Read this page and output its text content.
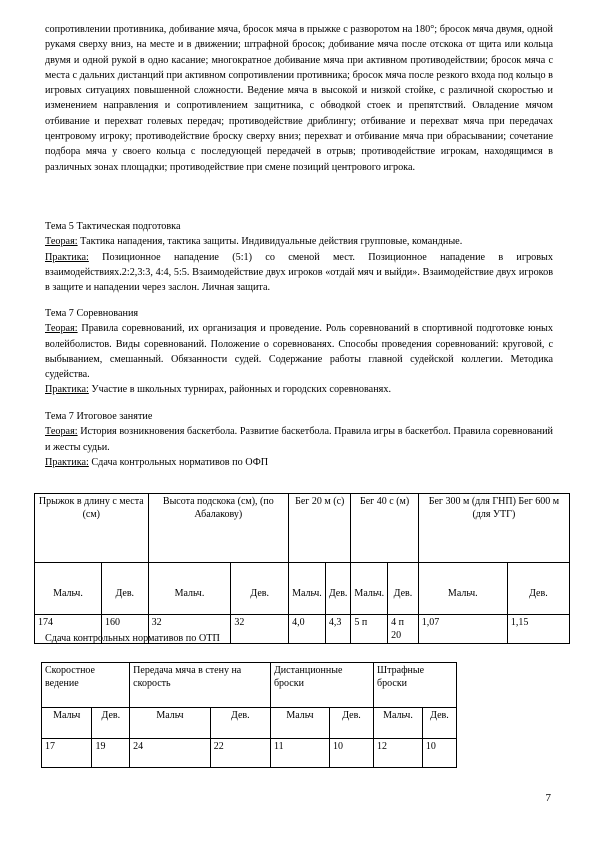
сопротивлении противника, добивание мяча, бросок мяча в прыжке с разворотом на 180°; бросок мяча двумя, одной рукамя сверху вниз, на месте и в движении; штрафной бросок; добивание мяча после отскока от щита или кольца двумя и одной рукой в одно касание; многократное добивание мяча при активном противодействии; бросок мяча с места с дальних дистанций при активном сопротивлении противника; бросок мяча после резкого входа под кольцо в игровых ситуациях повышенной сложности. Ведение мяча в высокой и низкой стойке, с различной скоростью и изменением направления и сопротивлением защитника, с обводкой стоек и препятствий. Овладение мячом отбивание и перехват голевых передач; противодействие дриблингу; отбивание и перехват мяча при передачах центровому игроку; противодействие броску сверху вниз; перехват и отбивание мяча при обрасывании; сочетание подбора мяча у своего кольца с последующей передачей в отрыв; противодействие игрокам, находящимся в различных зонах площадки; противодействие при смене позиций центрового игрока.

Тема 5 Тактическая подготовка

Теорая: Тактика нападения, тактика защиты. Индивидуальные действия групповые, командные.

Практика: Позиционное нападение (5:1) со сменой мест. Позиционное нападение в игровых взаимодействиях.2:2,3:3, 4:4, 5:5. Взаимодействие двух игроков «отдай мяч и выйди». Взаимодействие двух игроков в защите и нападении через заслон. Личная защита.

Тема 7 Соревнования

Теорая: Правила соревнований, их организация и проведение. Роль соревнований в спортивной подготовке юных волейболистов. Виды соревнований. Положение о соревнованях. Способы проведения соревнований: круговой, с выбыванием, смешанный. Обязанности судей. Содержание работы главной судейской коллегии. Методика судейства.

Практика: Участие в школьных турнирах, районных и городских соревнованях.

Тема 7 Итоговое занятие

Теорая: История возникновения баскетбола. Развитие баскетбола. Правила игры в баскетбол. Правила соревнований и жесты судьи.

Практика: Сдача контрольных нормативов по ОФП

Прыжок в длину с места (см)		Высота подскока (см), (по Абалакову)		Бег 20 м (с)		Бег 40 с (м)		Бег 300 м (для ГНП) Бег 600 м (для УТГ)	
Мальч.	Дев.	Мальч.	Дев.	Мальч.	Дев.	Мальч.	Дев.	Мальч.	Дев.
174	160	32	32	4,0	4,3	5 п	4 п 20	1,07	1,15
Сдача контрольных нормативов по ОТП
Скоростное ведение		Передача мяча в стену на скорость		Дистанционные броски		Штрафные броски	
Мальч	Дев.	Мальч	Дев.	Мальч	Дев.	Мальч.	Дев.
17	19	24	22	11	10	12	10
7
